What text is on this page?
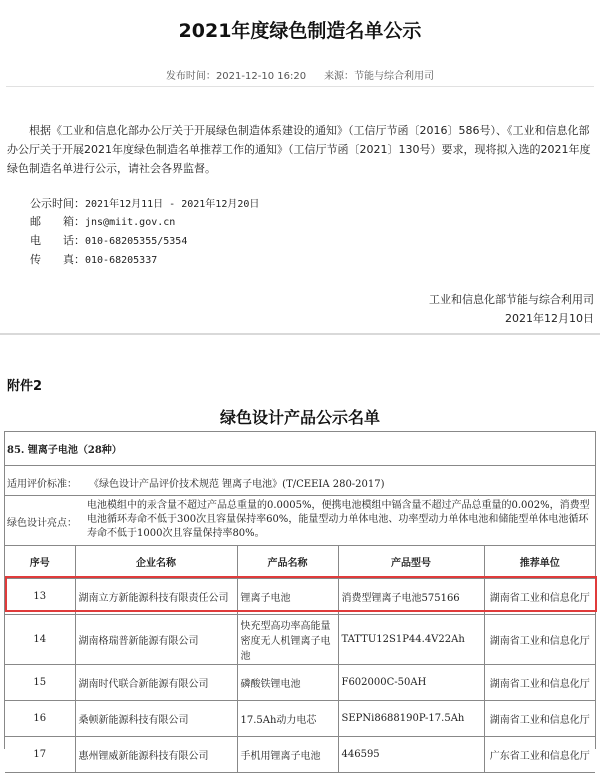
2021年度绿色制造名单公示
发布时间：2021-12-10 16:20 来源：节能与综合利用司

根据《工业和信息化部办公厅关于开展绿色制造体系建设的通知》（工信厅节函〔2016〕586号）、《工业和信息化部办公厅关于开展2021年度绿色制造名单推荐工作的通知》（工信厅节函〔2021〕130号）要求，现将拟入选的2021年度绿色制造名单进行公示，请社会各界监督。

公示时间：2021年12月11日 - 2021年12月20日
邮　　箱：jns@miit.gov.cn
电　　话：010-68205355/5354
传　　真：010-68205337
工业和信息化部节能与综合利用司
2021年12月10日
附件2
绿色设计产品公示名单
85. 锂离子电池（28种）
适用评价标准： 《绿色设计产品评价技术规范 锂离子电池》(T/CEEIA 280-2017)
绿色设计亮点：
电池模组中的汞含量不超过产品总重量的0.0005%，便携电池模组中镉含量不超过产品总重量的0.002%，消费型电池循环寿命不低于300次且容量保持率60%，能量型动力单体电池、功率型动力单体电池和储能型单体电池循环寿命不低于1000次且容量保持率80%。
序号	企业名称	产品名称	产品型号	推荐单位
13	湖南立方新能源科技有限责任公司	锂离子电池	消费型锂离子电池575166	湖南省工业和信息化厅
14	湖南格瑞普新能源有限公司	快充型高功率高能量密度无人机锂离子电池	TATTU12S1P44.4V22Ah	湖南省工业和信息化厅
15	湖南时代联合新能源有限公司	磷酸铁锂电池	F602000C-50AH	湖南省工业和信息化厅
16	桑顿新能源科技有限公司	17.5Ah动力电芯	SEPNi8688190P-17.5Ah	湖南省工业和信息化厅
17	惠州锂威新能源科技有限公司	手机用锂离子电池	446595	广东省工业和信息化厅
